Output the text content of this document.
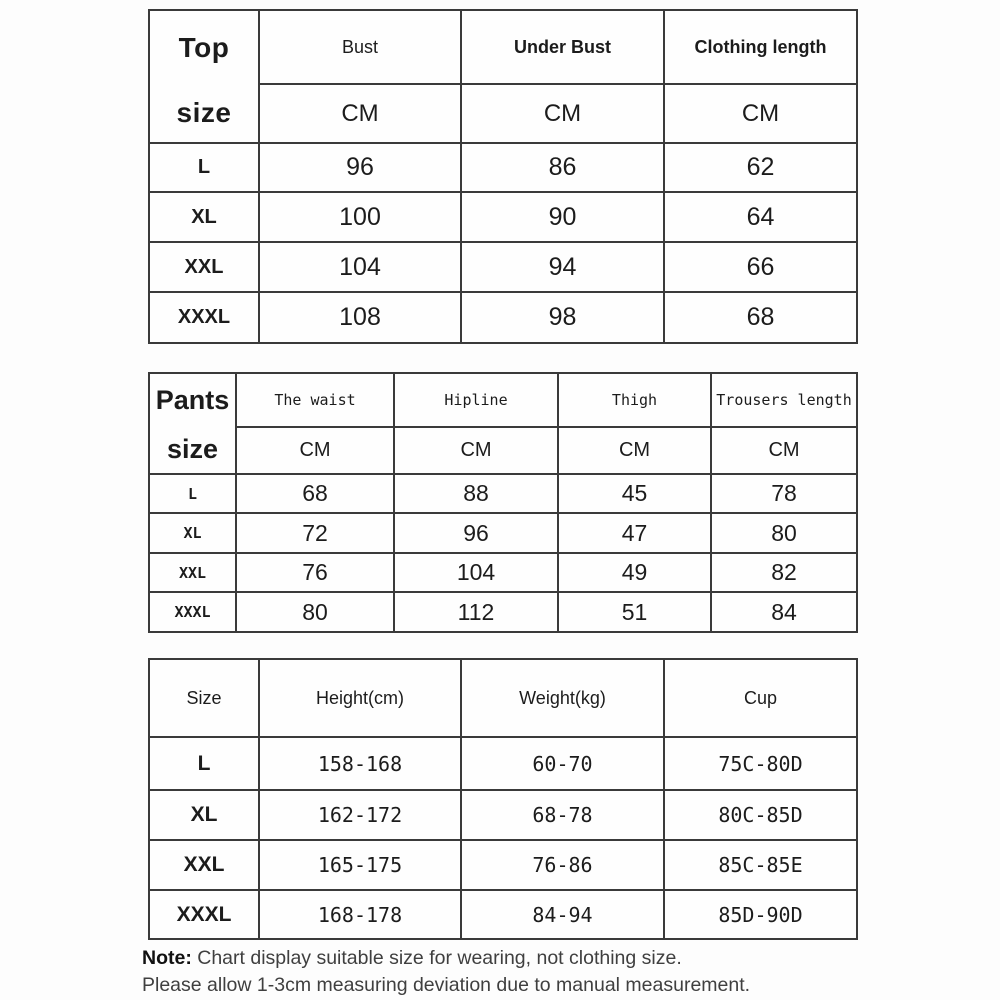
Top
size	Bust	Under Bust	Clothing length
	CM	CM	CM
L	96	86	62
XL	100	90	64
XXL	104	94	66
XXXL	108	98	68
Pants
size	The waist	Hipline	Thigh	Trousers length
	CM	CM	CM	CM
L	68	88	45	78
XL	72	96	47	80
XXL	76	104	49	82
XXXL	80	112	51	84
Size	Height(cm)	Weight(kg)	Cup
L	158-168	60-70	75C-80D
XL	162-172	68-78	80C-85D
XXL	165-175	76-86	85C-85E
XXXL	168-178	84-94	85D-90D

Note: Chart display suitable size for wearing, not clothing size.

Please allow 1-3cm measuring deviation due to manual measurement.
